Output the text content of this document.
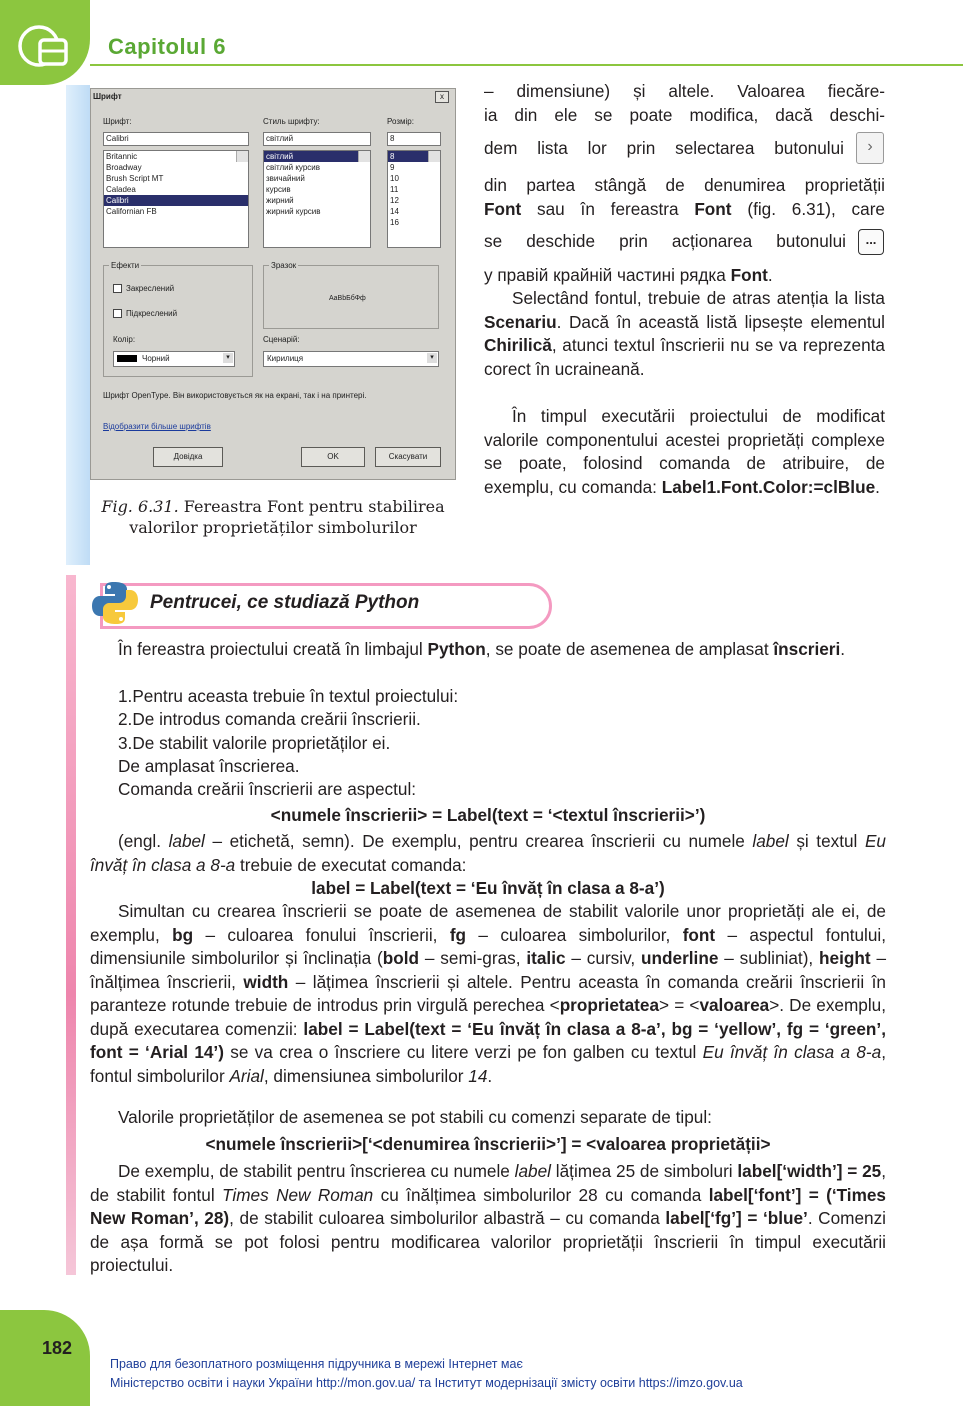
Capitolul 6
Шрифт	x
Шрифт:
Calibri
Britannic
Broadway
Brush Script MT
Caladea
Calibri
Californian FB
Стиль шрифту:
світлий
світлий
світлий курсив
звичайний
курсив
жирний
жирний курсив
Розмір:
8
8
9
10
11
12
14
16
Ефекти
Закреслений
Підкреслений
Колір:
Чорний	▾
Зразок
AaBbБбФф
Сценарій:
Кирилиця	▾
Шрифт OpenType. Він використовується як на екрані, так і на принтері.
Відобразити більше шрифтів
Довідка	OK	Скасувати
Fig. 6.31. Fereastra Font pentru stabilirea valorilor proprietăților simbolurilor
– dimensiune) și altele. Valoarea fiecăre-
ia din ele se poate modifica, dacă deschi-
dem lista lor prin selectarea butonului	›
din partea stângă de denumirea proprietății
Font sau în fereastra Font (fig. 6.31), care
se deschide prin acționarea butonului	...
у правій крайній частині рядка Font.
Selectând fontul, trebuie de atras atenția la lista Scenariu. Dacă în această listă lipsește elementul Chirilică, atunci textul înscrierii nu se va reprezenta corect în ucraineană.
În timpul executării proiectului de modificat valorile componentului acestei proprietăți complexe se poate, folosind comanda de atribuire, de exemplu, cu comanda: Label1.Font.Color:=clBlue.
Pentrucei, ce studiază Python
În fereastra proiectului creată în limbajul Python, se poate de asemenea de amplasat înscrieri.
1.Pentru aceasta trebuie în textul proiectului:
2.De introdus comanda creării înscrierii.
3.De stabilit valorile proprietăților ei.
De amplasat înscrierea.
Comanda creării înscrierii are aspectul:
<numele înscrierii> = Label(text = ‘<textul înscrierii>’)
(engl. label – etichetă, semn). De exemplu, pentru crearea înscrierii cu numele label și textul Eu învăț în clasa a 8-a trebuie de executat comanda:
label = Label(text = ‘Eu învăț în clasa a 8-a’)
Simultan cu crearea înscrierii se poate de asemenea de stabilit valorile unor proprietăți ale ei, de exemplu, bg – culoarea fonului înscrierii, fg – culoarea simbolurilor, font – aspectul fontului, dimensiunile simbolurilor și înclinația (bold – semi-gras, italic – cursiv, underline – subliniat), height – înălțimea înscrierii, width – lățimea înscrierii și altele. Pentru aceasta în comanda creării înscrierii în paranteze rotunde trebuie de introdus prin virgulă perechea <proprietatea> = <valoarea>. De exemplu, după executarea comenzii: label = Label(text = ‘Eu învăț în clasa a 8-a’, bg = ‘yellow’, fg = ‘green’, font = ‘Arial 14’) se va crea o înscriere cu litere verzi pe fon galben cu textul Eu învăț în clasa a 8-a, fontul simbolurilor Arial, dimensiunea simbolurilor 14.
Valorile proprietăților de asemenea se pot stabili cu comenzi separate de tipul:
<numele înscrierii>[‘<denumirea înscrierii>’] = <valoarea proprietății>
De exemplu, de stabilit pentru înscrierea cu numele label lățimea 25 de simboluri label[‘width’] = 25, de stabilit fontul Times New Roman cu înălțimea simbolurilor 28 cu comanda label[‘font’] = (‘Times New Roman’, 28), de stabilit culoarea simbolurilor albastră – cu comanda label[‘fg’] = ‘blue’. Comenzi de așa formă se pot folosi pentru modificarea valorilor proprietății înscrierii în timpul executării proiectului.
182
Право для безоплатного розміщення підручника в мережі Інтернет має
Міністерство освіти і науки України http://mon.gov.ua/ та Інститут модернізації змісту освіти https://imzo.gov.ua
